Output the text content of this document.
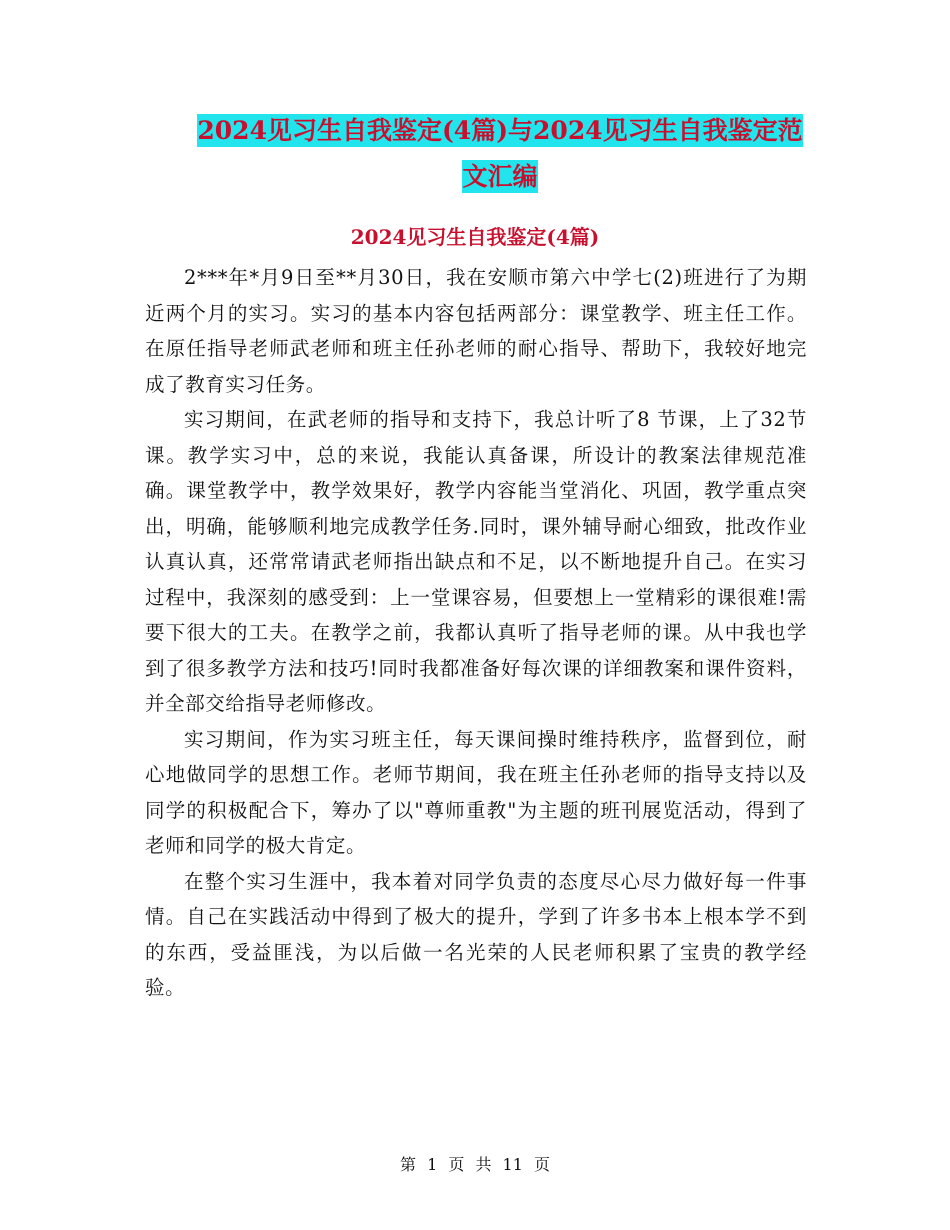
2024见习生自我鉴定(4篇)与2024见习生自我鉴定范
文汇编
2024见习生自我鉴定(4篇)

2***年*月9日至**月30日，我在安顺市第六中学七(2)班进行了为期近两个月的实习。实习的基本内容包括两部分：课堂教学、班主任工作。在原任指导老师武老师和班主任孙老师的耐心指导、帮助下，我较好地完成了教育实习任务。

实习期间，在武老师的指导和支持下，我总计听了8 节课，上了32节课。教学实习中，总的来说，我能认真备课，所设计的教案法律规范准确。课堂教学中，教学效果好，教学内容能当堂消化、巩固，教学重点突出，明确，能够顺利地完成教学任务.同时，课外辅导耐心细致，批改作业认真认真，还常常请武老师指出缺点和不足，以不断地提升自己。在实习过程中，我深刻的感受到：上一堂课容易，但要想上一堂精彩的课很难!需要下很大的工夫。在教学之前，我都认真听了指导老师的课。从中我也学到了很多教学方法和技巧!同时我都准备好每次课的详细教案和课件资料，并全部交给指导老师修改。

实习期间，作为实习班主任，每天课间操时维持秩序，监督到位，耐心地做同学的思想工作。老师节期间，我在班主任孙老师的指导支持以及同学的积极配合下，筹办了以"尊师重教"为主题的班刊展览活动，得到了老师和同学的极大肯定。

在整个实习生涯中，我本着对同学负责的态度尽心尽力做好每一件事情。自己在实践活动中得到了极大的提升，学到了许多书本上根本学不到的东西，受益匪浅，为以后做一名光荣的人民老师积累了宝贵的教学经验。

第 1 页 共 11 页
